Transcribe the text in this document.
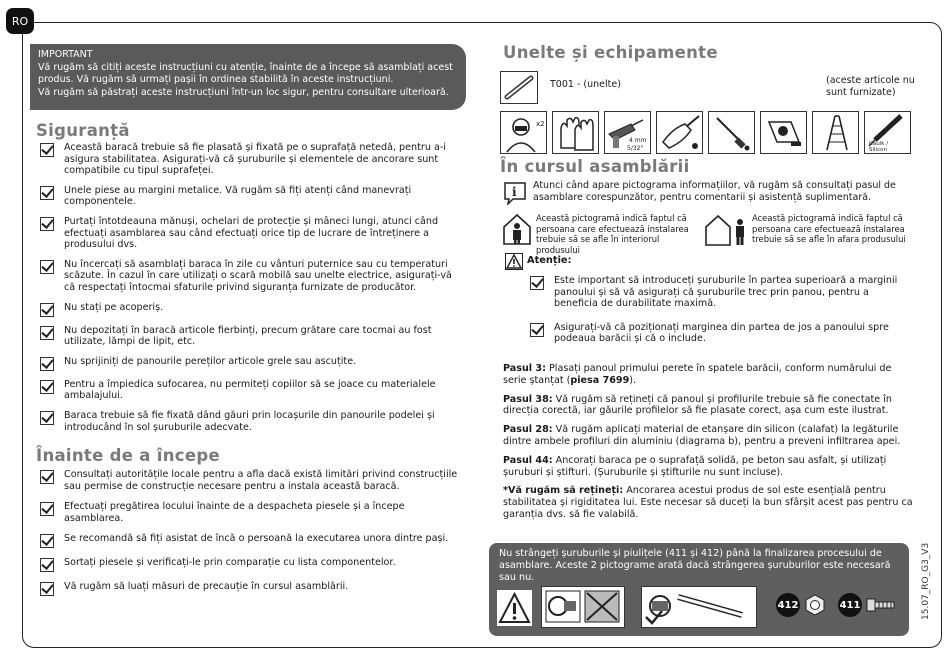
RO
IMPORTANT
Vă rugăm să citiți aceste instrucțiuni cu atenție, înainte de a începe să asamblați acest
produs. Vă rugăm să urmați pașii în ordinea stabilită în aceste instrucțiuni.
Vă rugăm să păstrați aceste instrucțiuni într-un loc sigur, pentru consultare ulterioară.
Siguranță
Această baracă trebuie să fie plasată și fixată pe o suprafață netedă, pentru a-i asigura stabilitatea. Asigurați-vă că șuruburile și elementele de ancorare sunt compatibile cu tipul suprafeței.
Unele piese au margini metalice. Vă rugăm să fiți atenți când manevrați componentele.
Purtați întotdeauna mănuși, ochelari de protecție și mâneci lungi, atunci când efectuați asamblarea sau când efectuați orice tip de lucrare de întreținere a produsului dvs.
Nu încercați să asamblați baraca în zile cu vânturi puternice sau cu temperaturi scăzute. În cazul în care utilizați o scară mobilă sau unelte electrice, asigurați-vă că respectați întocmai sfaturile privind siguranța furnizate de producător.
Nu stați pe acoperiș.
Nu depozitați în baracă articole fierbinți, precum grătare care tocmai au fost utilizate, lămpi de lipit, etc.
Nu sprijiniți de panourile pereților articole grele sau ascuțite.
Pentru a împiedica sufocarea, nu permiteți copiilor să se joace cu materialele ambalajului.
Baraca trebuie să fie fixată dând găuri prin locașurile din panourile podelei și introducând în sol șuruburile adecvate.
Înainte de a începe
Consultați autoritățile locale pentru a afla dacă există limitări privind construcțiile sau permise de construcție necesare pentru a instala această baracă.
Efectuați pregătirea locului înainte de a despacheta piesele și a începe asamblarea.
Se recomandă să fiți asistat de încă o persoană la executarea unora dintre pași.
Sortați piesele și verificați-le prin comparație cu lista componentelor.
Vă rugăm să luați măsuri de precauție în cursul asamblării.
Unelte și echipamente
T001 - (unelte)	(aceste articole nu
sunt furnizate)
x2
4 mm
5/32"
Caulk /
Silicon
În cursul asamblării
i Atunci când apare pictograma informațiilor, vă rugăm să consultați pasul de asamblare corespunzător, pentru comentarii și asistență suplimentară.
Această pictogramă indică faptul că persoana care efectuează instalarea trebuie să se afle în interiorul produsului
Această pictogramă indică faptul că persoana care efectuează instalarea trebuie să se afle în afara produsului
Atenție:
Este important să introduceți șuruburile în partea superioară a marginii panoului și să vă asigurați că șuruburile trec prin panou, pentru a beneficia de durabilitate maximă.
Asigurați-vă că poziționați marginea din partea de jos a panoului spre podeaua barăcii și că o include.

Pasul 3: Plasați panoul primului perete în spatele barăcii, conform numărului de serie ștanțat (piesa 7699).

Pasul 38: Vă rugăm să rețineți că panoul și profilurile trebuie să fie conectate în direcția corectă, iar găurile profilelor să fie plasate corect, așa cum este ilustrat.

Pasul 28: Vă rugăm aplicați material de etanșare din silicon (calafat) la legăturile dintre ambele profiluri din aluminiu (diagrama b), pentru a preveni infiltrarea apei.

Pasul 44: Ancorați baraca pe o suprafață solidă, pe beton sau asfalt, și utilizați șuruburi și știfturi. (Șuruburile și știfturile nu sunt incluse).

*Vă rugăm să rețineți: Ancorarea acestui produs de sol este esențială pentru stabilitatea și rigiditatea lui. Este necesar să duceți la bun sfârșit acest pas pentru ca garanția dvs. să fie valabilă.

Nu strângeți șuruburile și piulițele (411 și 412) până la finalizarea procesului de asamblare. Aceste 2 pictograme arată dacă strângerea șuruburilor este necesară sau nu.
412	411	15.07_RO_G3_V3
